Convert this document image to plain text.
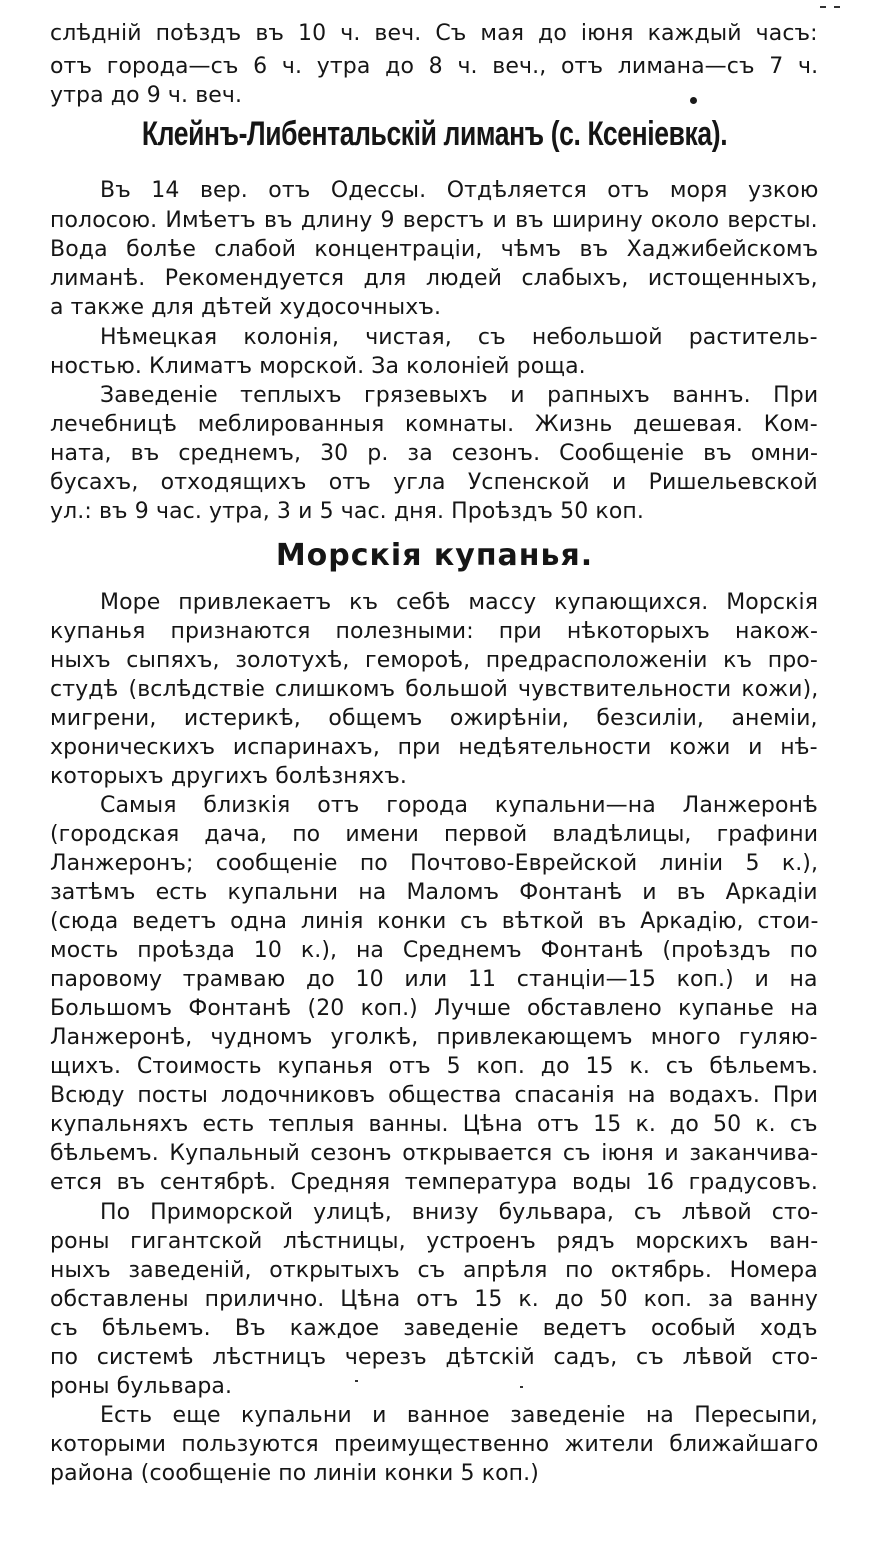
слѣдній поѣздъ въ 10 ч. веч. Съ мая до іюня каждый часъ:
отъ города—съ 6 ч. утра до 8 ч. веч., отъ лимана—съ 7 ч.
утра до 9 ч. веч.
Клейнъ-Либентальскій лиманъ (с. Ксеніевка).
Въ 14 вер. отъ Одессы. Отдѣляется отъ моря узкою
полосою. Имѣетъ въ длину 9 верстъ и въ ширину около версты.
Вода болѣе слабой концентраціи, чѣмъ въ Хаджибейскомъ
лиманѣ. Рекомендуется для людей слабыхъ, истощенныхъ,
а также для дѣтей худосочныхъ.
Нѣмецкая колонія, чистая, съ небольшой раститель-
ностью. Климатъ морской. За колоніей роща.
Заведеніе теплыхъ грязевыхъ и рапныхъ ваннъ. При
лечебницѣ меблированныя комнаты. Жизнь дешевая. Ком-
ната, въ среднемъ, 30 р. за сезонъ. Сообщеніе въ омни-
бусахъ, отходящихъ отъ угла Успенской и Ришельевской
ул.: въ 9 час. утра, 3 и 5 час. дня. Проѣздъ 50 коп.
Морскія купанья.
Море привлекаетъ къ себѣ массу купающихся. Морскія
купанья признаются полезными: при нѣкоторыхъ накож-
ныхъ сыпяхъ, золотухѣ, гемороѣ, предрасположеніи къ про-
студѣ (вслѣдствіе слишкомъ большой чувствительности кожи),
мигрени, истерикѣ, общемъ ожирѣніи, безсиліи, анеміи,
хроническихъ испаринахъ, при недѣятельности кожи и нѣ-
которыхъ другихъ болѣзняхъ.
Самыя близкія отъ города купальни—на Ланжеронѣ
(городская дача, по имени первой владѣлицы, графини
Ланжеронъ; сообщеніе по Почтово-Еврейской линіи 5 к.),
затѣмъ есть купальни на Маломъ Фонтанѣ и въ Аркадіи
(сюда ведетъ одна линія конки съ вѣткой въ Аркадію, стои-
мость проѣзда 10 к.), на Среднемъ Фонтанѣ (проѣздъ по
паровому трамваю до 10 или 11 станціи—15 коп.) и на
Большомъ Фонтанѣ (20 коп.) Лучше обставлено купанье на
Ланжеронѣ, чудномъ уголкѣ, привлекающемъ много гуляю-
щихъ. Стоимость купанья отъ 5 коп. до 15 к. съ бѣльемъ.
Всюду посты лодочниковъ общества спасанія на водахъ. При
купальняхъ есть теплыя ванны. Цѣна отъ 15 к. до 50 к. съ
бѣльемъ. Купальный сезонъ открывается съ іюня и заканчива-
ется въ сентябрѣ. Средняя температура воды 16 градусовъ.
По Приморской улицѣ, внизу бульвара, съ лѣвой сто-
роны гигантской лѣстницы, устроенъ рядъ морскихъ ван-
ныхъ заведеній, открытыхъ съ апрѣля по октябрь. Номера
обставлены прилично. Цѣна отъ 15 к. до 50 коп. за ванну
съ бѣльемъ. Въ каждое заведеніе ведетъ особый ходъ
по системѣ лѣстницъ черезъ дѣтскій садъ, съ лѣвой сто-
роны бульвара.
Есть еще купальни и ванное заведеніе на Пересыпи,
которыми пользуются преимущественно жители ближайшаго
района (сообщеніе по линіи конки 5 коп.)
